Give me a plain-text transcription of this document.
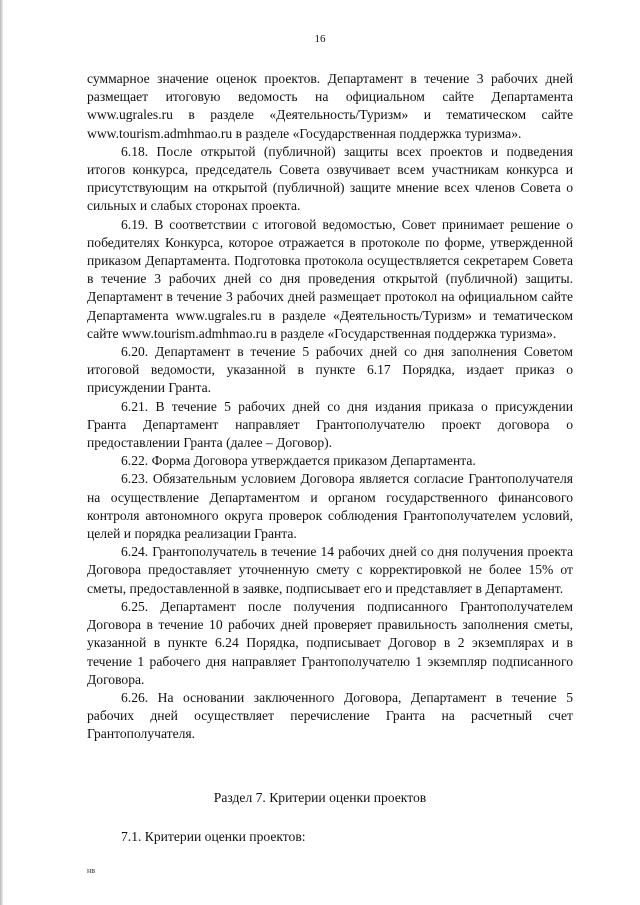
16

суммарное значение оценок проектов. Департамент в течение 3 рабочих дней размещает итоговую ведомость на официальном сайте Департамента www.ugrales.ru в разделе «Деятельность/Туризм» и тематическом сайте www.tourism.admhmao.ru в разделе «Государственная поддержка туризма».

6.18. После открытой (публичной) защиты всех проектов и подведения итогов конкурса, председатель Совета озвучивает всем участникам конкурса и присутствующим на открытой (публичной) защите мнение всех членов Совета о сильных и слабых сторонах проекта.

6.19. В соответствии с итоговой ведомостью, Совет принимает решение о победителях Конкурса, которое отражается в протоколе по форме, утвержденной приказом Департамента. Подготовка протокола осуществляется секретарем Совета в течение 3 рабочих дней со дня проведения открытой (публичной) защиты. Департамент в течение 3 рабочих дней размещает протокол на официальном сайте Департамента www.ugrales.ru в разделе «Деятельность/Туризм» и тематическом сайте www.tourism.admhmao.ru в разделе «Государственная поддержка туризма».

6.20. Департамент в течение 5 рабочих дней со дня заполнения Советом итоговой ведомости, указанной в пункте 6.17 Порядка, издает приказ о присуждении Гранта.

6.21. В течение 5 рабочих дней со дня издания приказа о присуждении Гранта Департамент направляет Грантополучателю проект договора о предоставлении Гранта (далее – Договор).

6.22. Форма Договора утверждается приказом Департамента.

6.23. Обязательным условием Договора является согласие Грантополучателя на осуществление Департаментом и органом государственного финансового контроля автономного округа проверок соблюдения Грантополучателем условий, целей и порядка реализации Гранта.

6.24. Грантополучатель в течение 14 рабочих дней со дня получения проекта Договора предоставляет уточненную смету с корректировкой не более 15% от сметы, предоставленной в заявке, подписывает его и представляет в Департамент.

6.25. Департамент после получения подписанного Грантополучателем Договора в течение 10 рабочих дней проверяет правильность заполнения сметы, указанной в пункте 6.24 Порядка, подписывает Договор в 2 экземплярах и в течение 1 рабочего дня направляет Грантополучателю 1 экземпляр подписанного Договора.

6.26. На основании заключенного Договора, Департамент в течение 5 рабочих дней осуществляет перечисление Гранта на расчетный счет Грантополучателя.

Раздел 7. Критерии оценки проектов
7.1. Критерии оценки проектов:
нв
